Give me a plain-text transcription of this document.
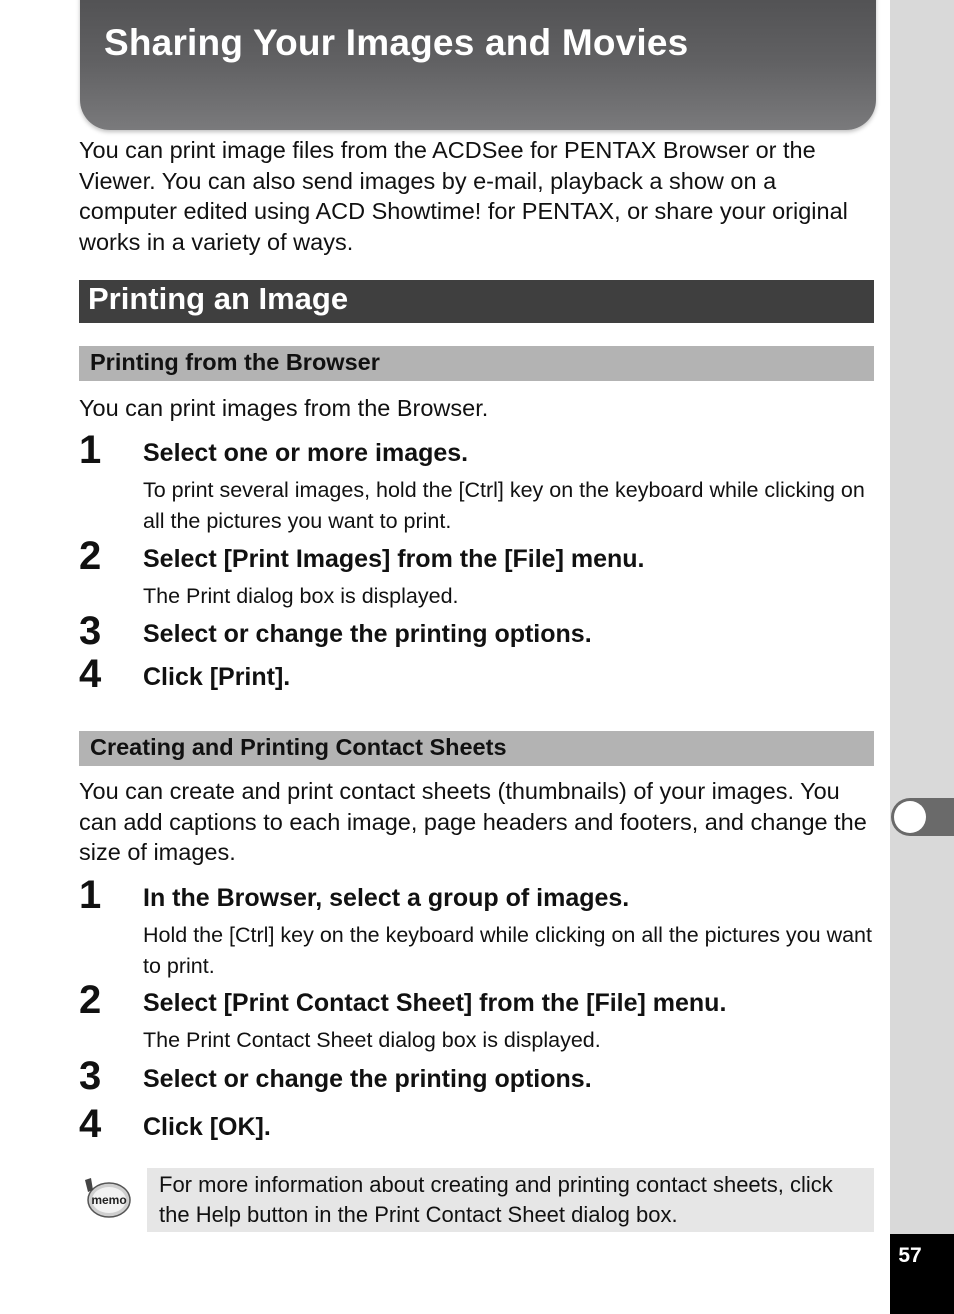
57
Sharing Your Images and Movies
You can print image files from the ACDSee for PENTAX Browser or the Viewer. You can also send images by e-mail, playback a show on a computer edited using ACD Showtime! for PENTAX, or share your original works in a variety of ways.
Printing an Image
Printing from the Browser
You can print images from the Browser.
1 Select one or more images.
To print several images, hold the [Ctrl] key on the keyboard while clicking on all the pictures you want to print.
2 Select [Print Images] from the [File] menu.
The Print dialog box is displayed.
3 Select or change the printing options.
4 Click [Print].
Creating and Printing Contact Sheets
You can create and print contact sheets (thumbnails) of your images. You can add captions to each image, page headers and footers, and change the size of images.
1 In the Browser, select a group of images.
Hold the [Ctrl] key on the keyboard while clicking on all the pictures you want to print.
2 Select [Print Contact Sheet] from the [File] menu.
The Print Contact Sheet dialog box is displayed.
3 Select or change the printing options.
4 Click [OK].
memo
For more information about creating and printing contact sheets, click the Help button in the Print Contact Sheet dialog box.
